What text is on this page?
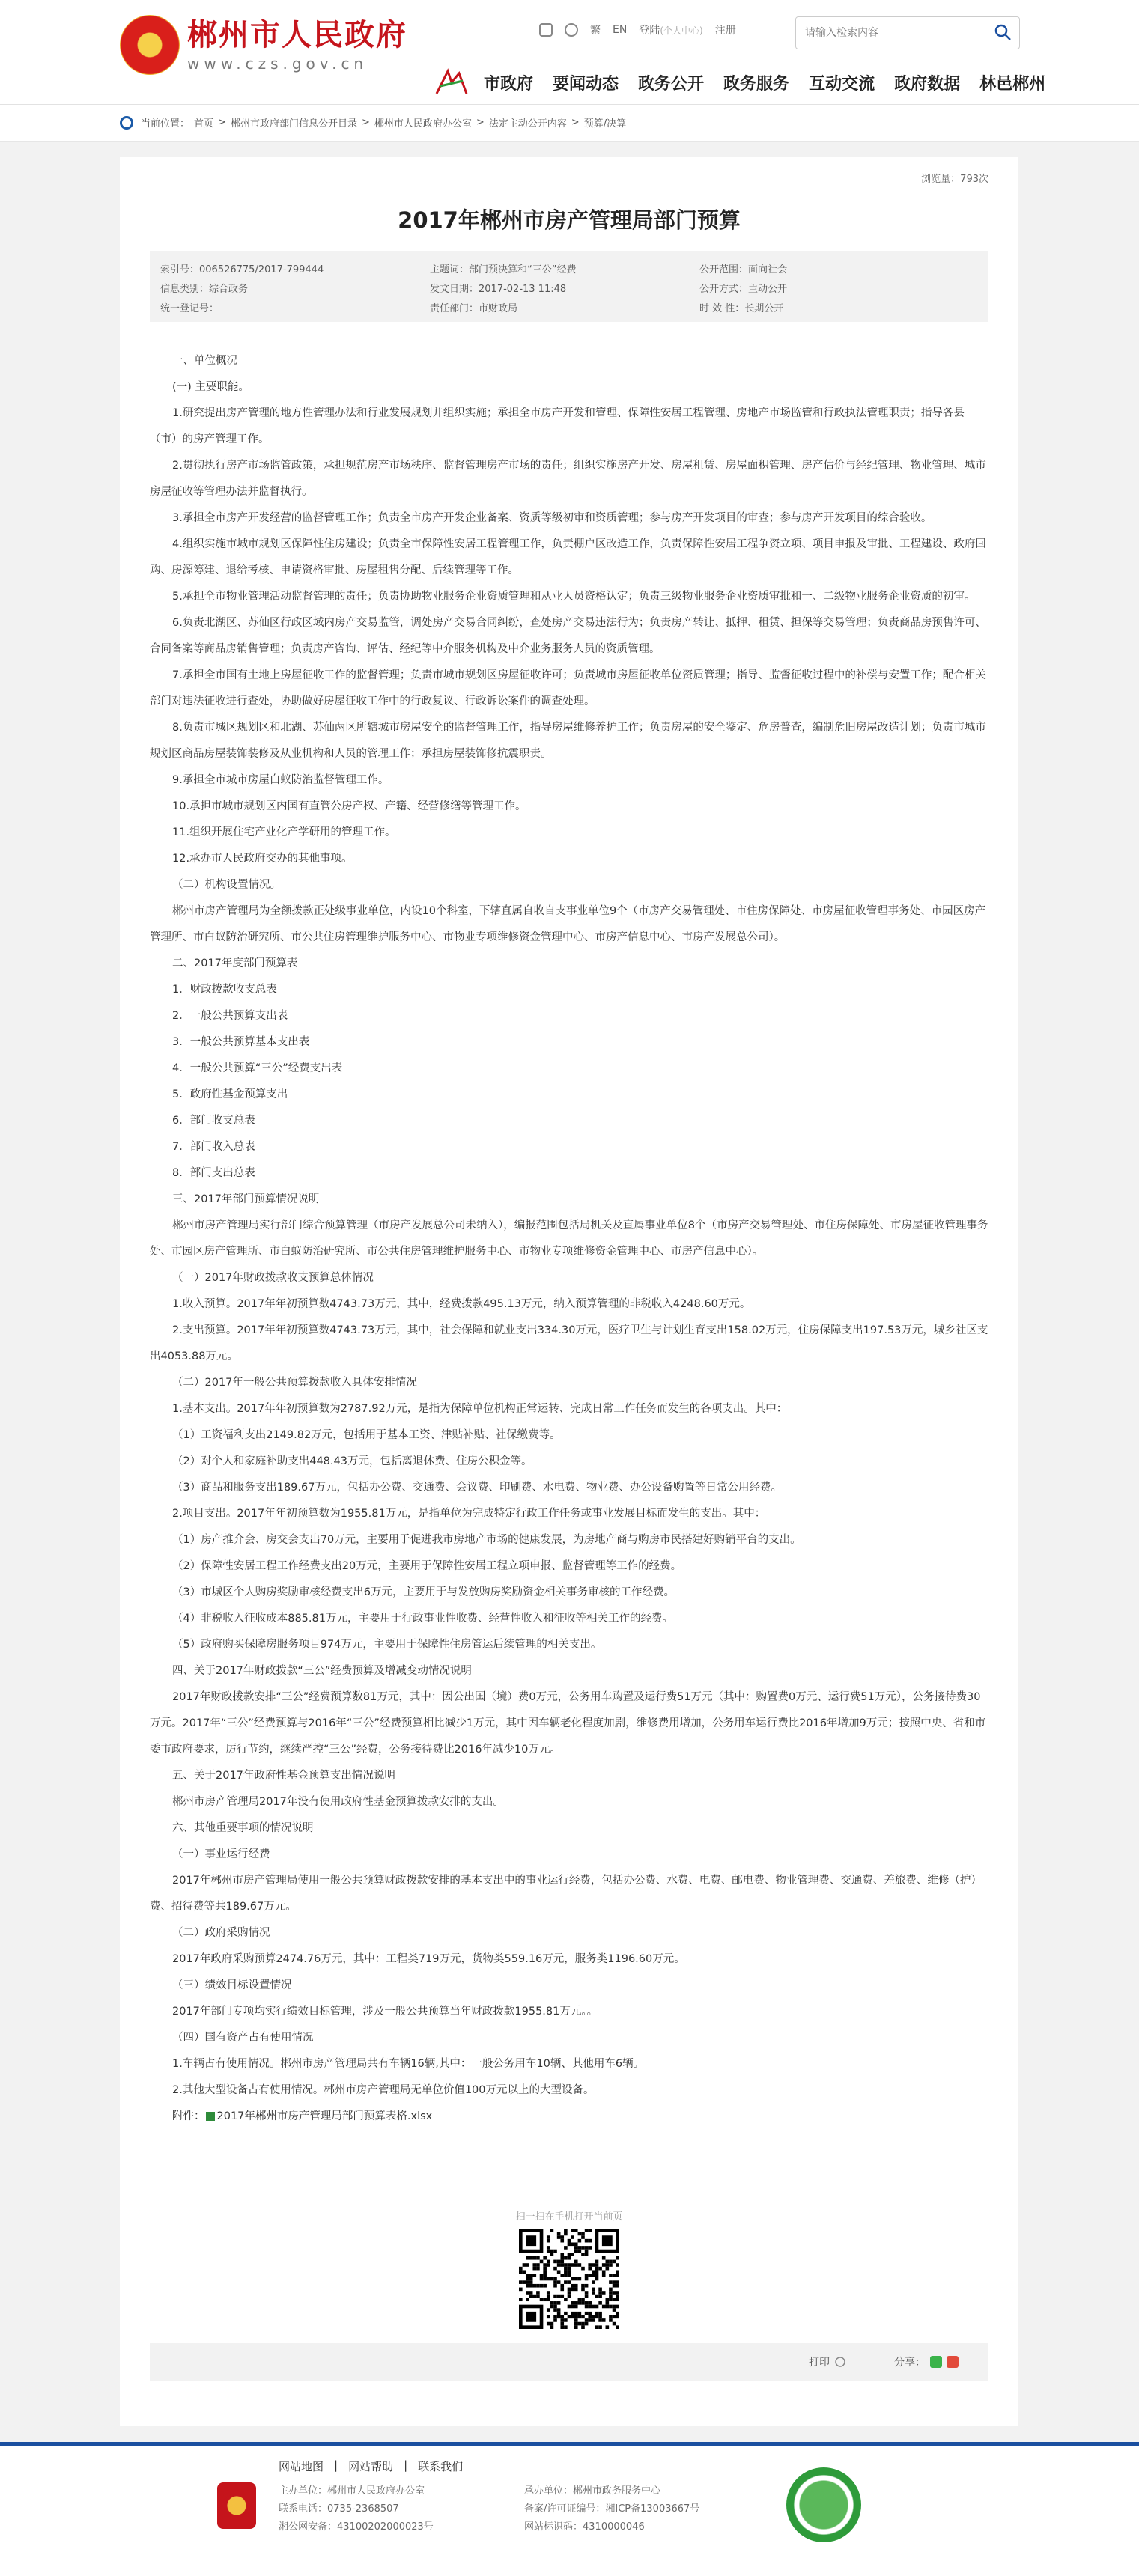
郴州市人民政府
www.czs.gov.cn
繁 EN 登陆(个人中心) 注册
请输入检索内容
市政府 要闻动态 政务公开 政务服务 互动交流 政府数据 林邑郴州
当前位置： 首页 > 郴州市政府部门信息公开目录 > 郴州市人民政府办公室 > 法定主动公开内容 > 预算/决算
浏览量：793次
2017年郴州市房产管理局部门预算
索引号：006526775/2017-799444
信息类别：综合政务
统一登记号：
主题词：部门预决算和“三公”经费
发文日期：2017-02-13 11:48
责任部门：市财政局
公开范围：面向社会
公开方式：主动公开
时 效 性：长期公开

一、单位概况

(一) 主要职能。

1.研究提出房产管理的地方性管理办法和行业发展规划并组织实施；承担全市房产开发和管理、保障性安居工程管理、房地产市场监管和行政执法管理职责；指导各县（市）的房产管理工作。

2.贯彻执行房产市场监管政策，承担规范房产市场秩序、监督管理房产市场的责任；组织实施房产开发、房屋租赁、房屋面积管理、房产估价与经纪管理、物业管理、城市房屋征收等管理办法并监督执行。

3.承担全市房产开发经营的监督管理工作；负责全市房产开发企业备案、资质等级初审和资质管理；参与房产开发项目的审查；参与房产开发项目的综合验收。

4.组织实施市城市规划区保障性住房建设；负责全市保障性安居工程管理工作，负责棚户区改造工作，负责保障性安居工程争资立项、项目申报及审批、工程建设、政府回购、房源筹建、退给考核、申请资格审批、房屋租售分配、后续管理等工作。

5.承担全市物业管理活动监督管理的责任；负责协助物业服务企业资质管理和从业人员资格认定；负责三级物业服务企业资质审批和一、二级物业服务企业资质的初审。

6.负责北湖区、苏仙区行政区域内房产交易监管，调处房产交易合同纠纷，查处房产交易违法行为；负责房产转让、抵押、租赁、担保等交易管理；负责商品房预售许可、合同备案等商品房销售管理；负责房产咨询、评估、经纪等中介服务机构及中介业务服务人员的资质管理。

7.承担全市国有土地上房屋征收工作的监督管理；负责市城市规划区房屋征收许可；负责城市房屋征收单位资质管理；指导、监督征收过程中的补偿与安置工作；配合相关部门对违法征收进行查处，协助做好房屋征收工作中的行政复议、行政诉讼案件的调查处理。

8.负责市城区规划区和北湖、苏仙两区所辖城市房屋安全的监督管理工作，指导房屋维修养护工作；负责房屋的安全鉴定、危房普查，编制危旧房屋改造计划；负责市城市规划区商品房屋装饰装修及从业机构和人员的管理工作；承担房屋装饰修抗震职责。

9.承担全市城市房屋白蚁防治监督管理工作。

10.承担市城市规划区内国有直管公房产权、产籍、经营修缮等管理工作。

11.组织开展住宅产业化产学研用的管理工作。

12.承办市人民政府交办的其他事项。

（二）机构设置情况。

郴州市房产管理局为全额拨款正处级事业单位，内设10个科室，下辖直属自收自支事业单位9个（市房产交易管理处、市住房保障处、市房屋征收管理事务处、市园区房产管理所、市白蚁防治研究所、市公共住房管理维护服务中心、市物业专项维修资金管理中心、市房产信息中心、市房产发展总公司）。

二、2017年度部门预算表

1．财政拨款收支总表

2．一般公共预算支出表

3．一般公共预算基本支出表

4．一般公共预算“三公”经费支出表

5．政府性基金预算支出

6．部门收支总表

7．部门收入总表

8．部门支出总表

三、2017年部门预算情况说明

郴州市房产管理局实行部门综合预算管理（市房产发展总公司未纳入），编报范围包括局机关及直属事业单位8个（市房产交易管理处、市住房保障处、市房屋征收管理事务处、市园区房产管理所、市白蚁防治研究所、市公共住房管理维护服务中心、市物业专项维修资金管理中心、市房产信息中心）。

（一）2017年财政拨款收支预算总体情况

1.收入预算。2017年年初预算数4743.73万元，其中，经费拨款495.13万元，纳入预算管理的非税收入4248.60万元。

2.支出预算。2017年年初预算数4743.73万元，其中，社会保障和就业支出334.30万元，医疗卫生与计划生育支出158.02万元，住房保障支出197.53万元，城乡社区支出4053.88万元。

（二）2017年一般公共预算拨款收入具体安排情况

1.基本支出。2017年年初预算数为2787.92万元，是指为保障单位机构正常运转、完成日常工作任务而发生的各项支出。其中：

（1）工资福利支出2149.82万元，包括用于基本工资、津贴补贴、社保缴费等。

（2）对个人和家庭补助支出448.43万元，包括离退休费、住房公积金等。

（3）商品和服务支出189.67万元，包括办公费、交通费、会议费、印刷费、水电费、物业费、办公设备购置等日常公用经费。

2.项目支出。2017年年初预算数为1955.81万元，是指单位为完成特定行政工作任务或事业发展目标而发生的支出。其中：

（1）房产推介会、房交会支出70万元，主要用于促进我市房地产市场的健康发展，为房地产商与购房市民搭建好购销平台的支出。

（2）保障性安居工程工作经费支出20万元，主要用于保障性安居工程立项申报、监督管理等工作的经费。

（3）市城区个人购房奖励审核经费支出6万元，主要用于与发放购房奖励资金相关事务审核的工作经费。

（4）非税收入征收成本885.81万元，主要用于行政事业性收费、经营性收入和征收等相关工作的经费。

（5）政府购买保障房服务项目974万元，主要用于保障性住房管运后续管理的相关支出。

四、关于2017年财政拨款“三公”经费预算及增减变动情况说明

2017年财政拨款安排“三公”经费预算数81万元，其中：因公出国（境）费0万元，公务用车购置及运行费51万元（其中：购置费0万元、运行费51万元），公务接待费30万元。2017年“三公”经费预算与2016年“三公”经费预算相比减少1万元，其中因车辆老化程度加剧，维修费用增加，公务用车运行费比2016年增加9万元；按照中央、省和市委市政府要求，厉行节约，继续严控“三公”经费，公务接待费比2016年减少10万元。

五、关于2017年政府性基金预算支出情况说明

郴州市房产管理局2017年没有使用政府性基金预算拨款安排的支出。

六、其他重要事项的情况说明

（一）事业运行经费

2017年郴州市房产管理局使用一般公共预算财政拨款安排的基本支出中的事业运行经费，包括办公费、水费、电费、邮电费、物业管理费、交通费、差旅费、维修（护）费、招待费等共189.67万元。

（二）政府采购情况

2017年政府采购预算2474.76万元，其中：工程类719万元，货物类559.16万元，服务类1196.60万元。

（三）绩效目标设置情况

2017年部门专项均实行绩效目标管理，涉及一般公共预算当年财政拨款1955.81万元。。

（四）国有资产占有使用情况

1.车辆占有使用情况。郴州市房产管理局共有车辆16辆,其中：一般公务用车10辆、其他用车6辆。

2.其他大型设备占有使用情况。郴州市房产管理局无单位价值100万元以上的大型设备。

附件： 2017年郴州市房产管理局部门预算表格.xlsx

扫一扫在手机打开当前页
打印	分享：
网站地图 | 网站帮助 | 联系我们
主办单位：郴州市人民政府办公室
联系电话：0735-2368507
湘公网安备：43100202000023号
承办单位：郴州市政务服务中心
备案/许可证编号：湘ICP备13003667号
网站标识码：4310000046
